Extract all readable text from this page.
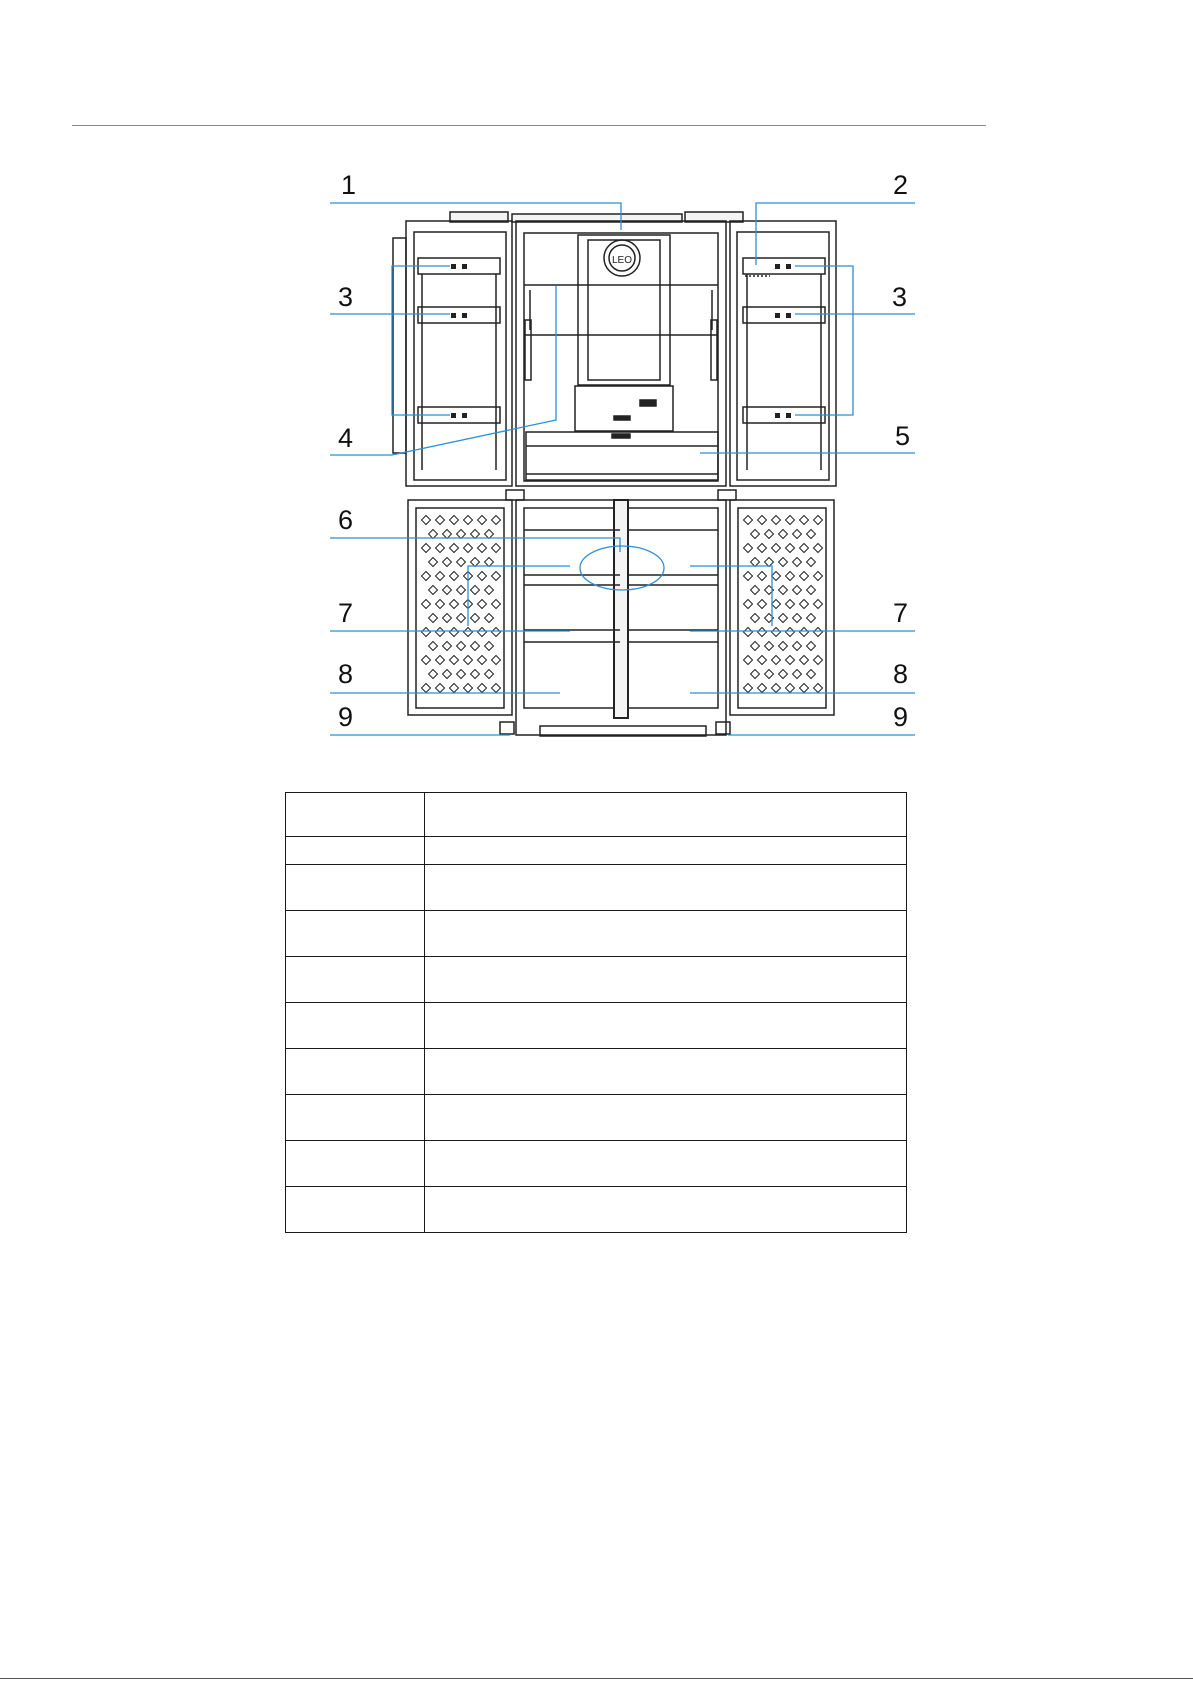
LEO
1	2
3	3
4	5
6
7	7
8	8
9	9
